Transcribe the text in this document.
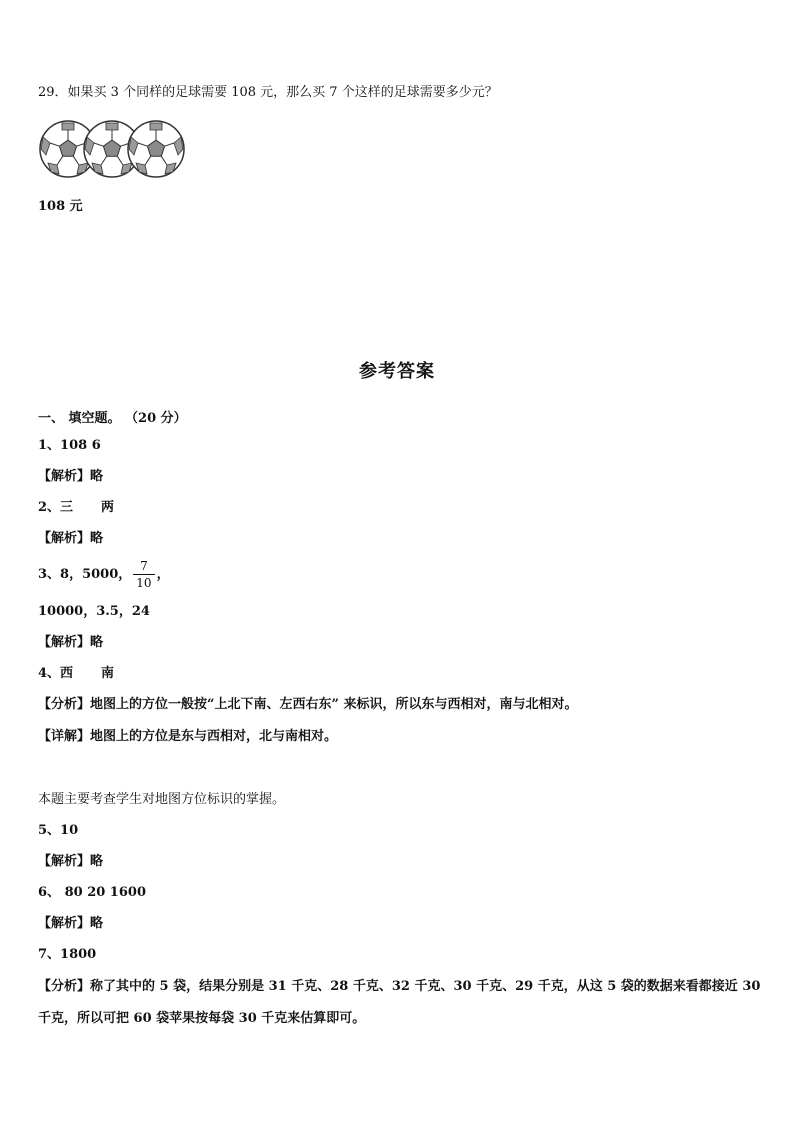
29．如果买 3 个同样的足球需要 108 元，那么买 7 个这样的足球需要多少元？
108 元
参考答案
一、 填空题。 （20 分）
1、108 6
【解析】略
2、三 两
【解析】略
3、8，5000， $\frac{7}{10}$ ，
10000，3.5，24
【解析】略
4、西 南
【分析】地图上的方位一般按“上北下南、左西右东” 来标识，所以东与西相对，南与北相对。
【详解】地图上的方位是东与西相对，北与南相对。
本题主要考查学生对地图方位标识的掌握。
5、10
【解析】略
6、 80 20 1600
【解析】略
7、1800
【分析】称了其中的 5 袋，结果分别是 31 千克、28 千克、32 千克、30 千克、29 千克，从这 5 袋的数据来看都接近 30
千克，所以可把 60 袋苹果按每袋 30 千克来估算即可。
